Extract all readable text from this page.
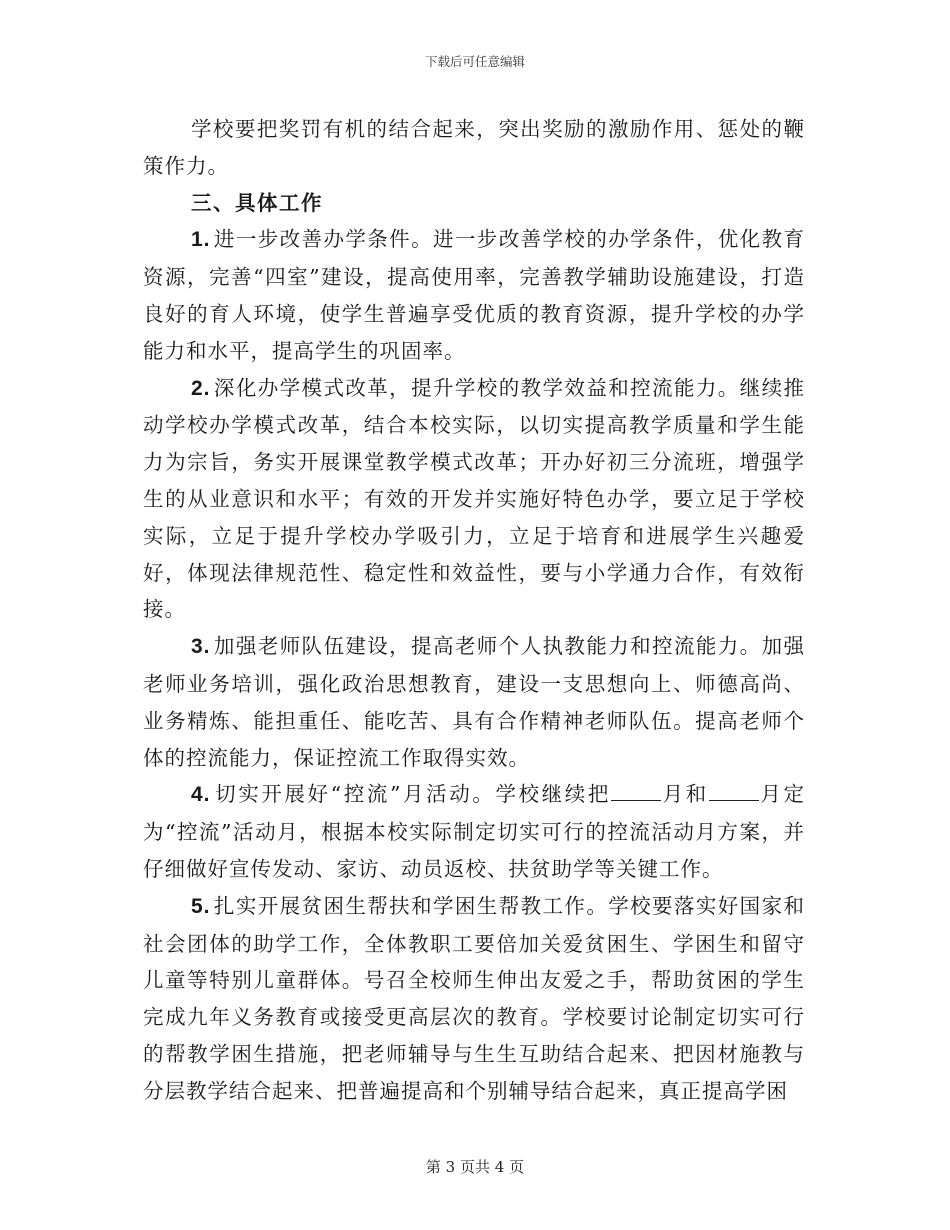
下载后可任意编辑

学校要把奖罚有机的结合起来，突出奖励的激励作用、惩处的鞭策作力。

三、具体工作

1. 进一步改善办学条件。进一步改善学校的办学条件，优化教育资源，完善“四室”建设，提高使用率，完善教学辅助设施建设，打造良好的育人环境，使学生普遍享受优质的教育资源，提升学校的办学能力和水平，提高学生的巩固率。

2. 深化办学模式改革，提升学校的教学效益和控流能力。继续推动学校办学模式改革，结合本校实际，以切实提高教学质量和学生能力为宗旨，务实开展课堂教学模式改革；开办好初三分流班，增强学生的从业意识和水平；有效的开发并实施好特色办学，要立足于学校实际，立足于提升学校办学吸引力，立足于培育和进展学生兴趣爱好，体现法律规范性、稳定性和效益性，要与小学通力合作，有效衔接。

3. 加强老师队伍建设，提高老师个人执教能力和控流能力。加强老师业务培训，强化政治思想教育，建设一支思想向上、师德高尚、业务精炼、能担重任、能吃苦、具有合作精神老师队伍。提高老师个体的控流能力，保证控流工作取得实效。

4. 切实开展好“控流”月活动。学校继续把 月和 月定为“控流”活动月，根据本校实际制定切实可行的控流活动月方案，并仔细做好宣传发动、家访、动员返校、扶贫助学等关键工作。

5. 扎实开展贫困生帮扶和学困生帮教工作。学校要落实好国家和社会团体的助学工作，全体教职工要倍加关爱贫困生、学困生和留守儿童等特别儿童群体。号召全校师生伸出友爱之手，帮助贫困的学生完成九年义务教育或接受更高层次的教育。学校要讨论制定切实可行的帮教学困生措施，把老师辅导与生生互助结合起来、把因材施教与分层教学结合起来、把普遍提高和个别辅导结合起来，真正提高学困

第 3 页共 4 页
